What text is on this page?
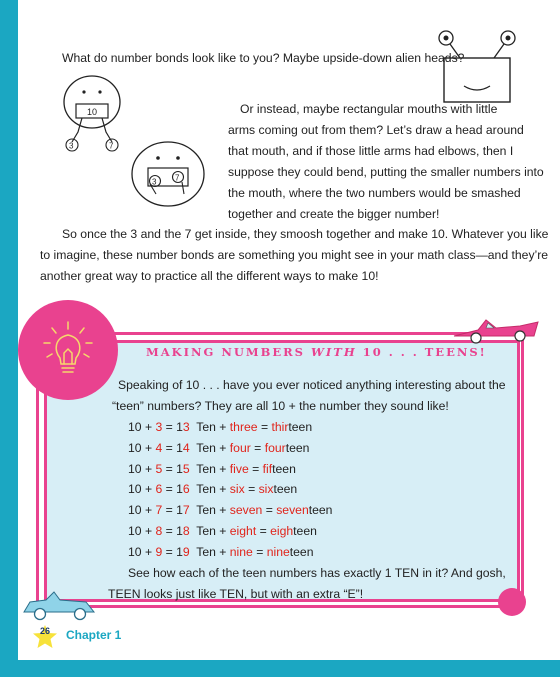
What do number bonds look like to you? Maybe upside-down alien heads?
10
3	7
3 7
Or instead, maybe rectangular mouths with little
arms coming out from them? Let’s draw a head around
that mouth, and if those little arms had elbows, then I
suppose they could bend, putting the smaller numbers into
the mouth, where the two numbers would be smashed
together and create the bigger number!
So once the 3 and the 7 get inside, they smoosh together and make 10. Whatever you like
to imagine, these number bonds are something you might see in your math class—and they’re
another great way to practice all the different ways to make 10!
MAKING NUMBERS WITH 10 . . . TEENS!
Speaking of 10 . . . have you ever noticed anything interesting about the
“teen” numbers? They are all 10 + the number they sound like!
10 + 3 = 13  Ten + three = thirteen
10 + 4 = 14  Ten + four = fourteen
10 + 5 = 15  Ten + five = fifteen
10 + 6 = 16  Ten + six = sixteen
10 + 7 = 17  Ten + seven = seventeen
10 + 8 = 18  Ten + eight = eighteen
10 + 9 = 19  Ten + nine = nineteen
See how each of the teen numbers has exactly 1 TEN in it? And gosh,
TEEN looks just like TEN, but with an extra “E”!
26	Chapter 1
